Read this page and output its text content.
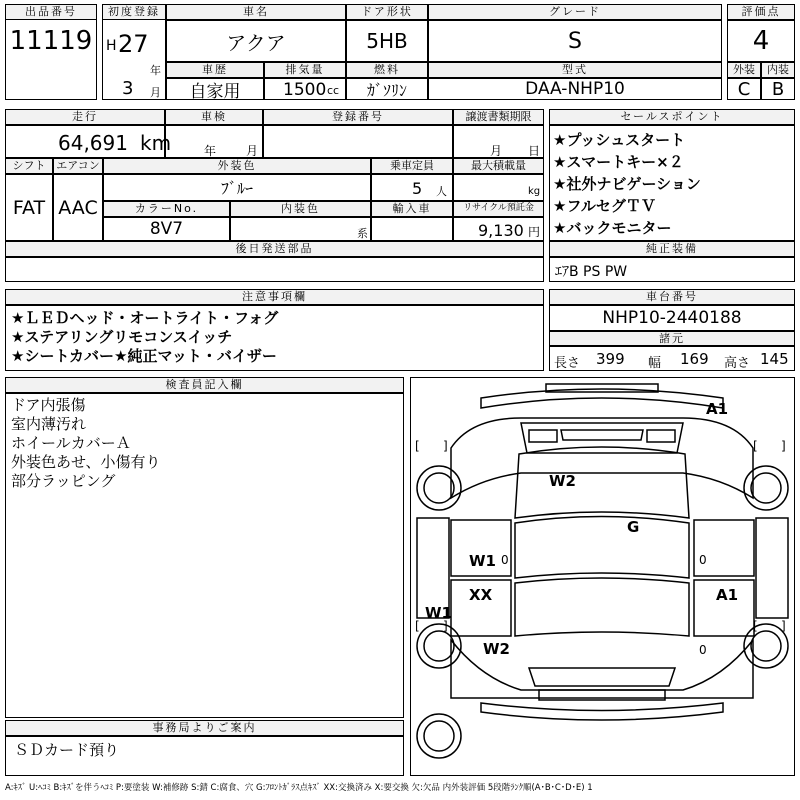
出品番号
11119
初度登録
H 27
年
3 月
車名
アクア
ドア形状
5HB
グレード
S
車歴
自家用
排気量
1500 cc
燃料
ｶﾞｿﾘﾝ
型式
DAA-NHP10
評価点
4
外装
C
内装
B
走行
64,691 km
車検
年 月
登録番号	譲渡書類期限
月 日
シフト
FAT
エアコン
AAC
外装色
ﾌﾞﾙｰ
乗車定員
5 人
最大積載量
kg
カラーNo.
8V7
内装色
系
輸入車	リサイクル預託金
9,130 円
後日発送部品
セールスポイント
★プッシュスタート
★スマートキー×２
★社外ナビゲーション
★フルセグＴＶ
★バックモニター
純正装備
ｴｱB PS PW
注意事項欄
★ＬＥＤヘッド・オートライト・フォグ
★ステアリングリモコンスイッチ
★シートカバー★純正マット・バイザー
車台番号
NHP10-2440188
諸元
長さ 399 幅 169 高さ 145
検査員記入欄
ドア内張傷
室内薄汚れ
ホイールカバーＡ
外装色あせ、小傷有り
部分ラッピング
事務局よりご案内
ＳＤカード預り
[ ]	[ ]
[ ]	[ ]
A1
W2
G
W1 0	0
XX	A1
W1
W2	0
A:ｷｽﾞ U:ﾍｺﾐ B:ｷｽﾞを伴うﾍｺﾐ P:要塗装 W:補修跡 S:錆 C:腐食、穴 G:ﾌﾛﾝﾄｶﾞﾗｽ点ｷｽﾞ XX:交換済み X:要交換 欠:欠品 内外装評価 5段階ﾗﾝｸ順(A･B･C･D･E) 1
